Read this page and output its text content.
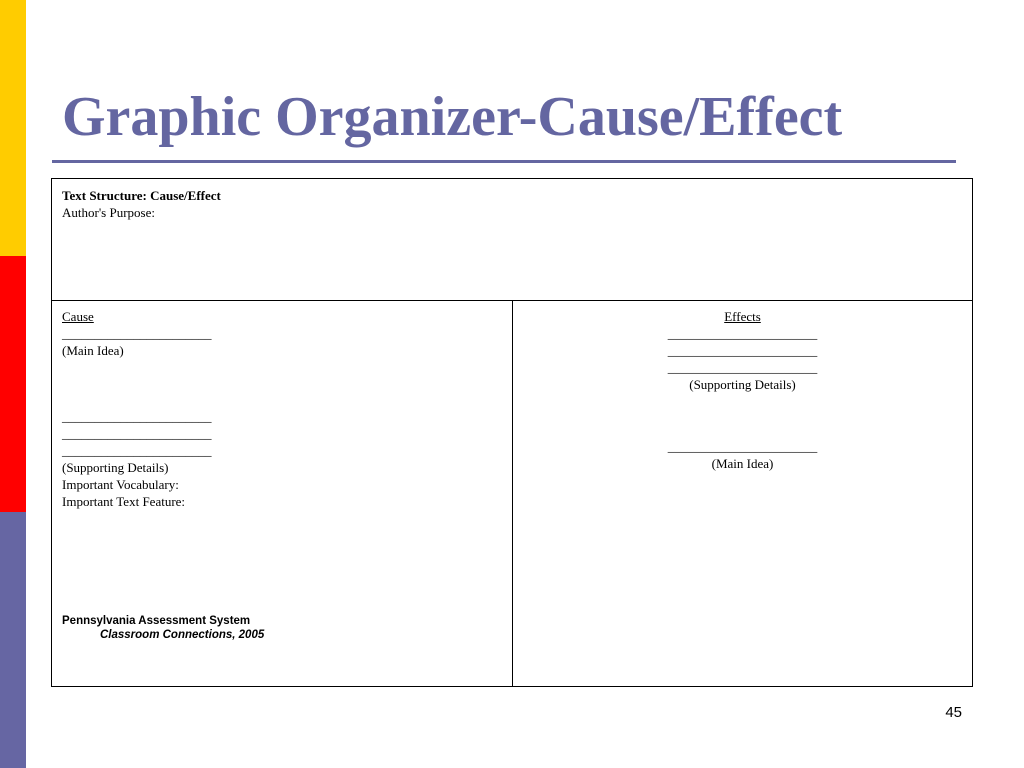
Graphic Organizer-Cause/Effect
Text Structure: Cause/Effect
Author's Purpose:
Cause
_______________________
(Main Idea)
_______________________
_______________________
_______________________
(Supporting Details)
Important Vocabulary:
Important Text Feature:
Pennsylvania Assessment System
Classroom Connections, 2005
Effects
_______________________
_______________________
_______________________
(Supporting Details)
_______________________
(Main Idea)
45
